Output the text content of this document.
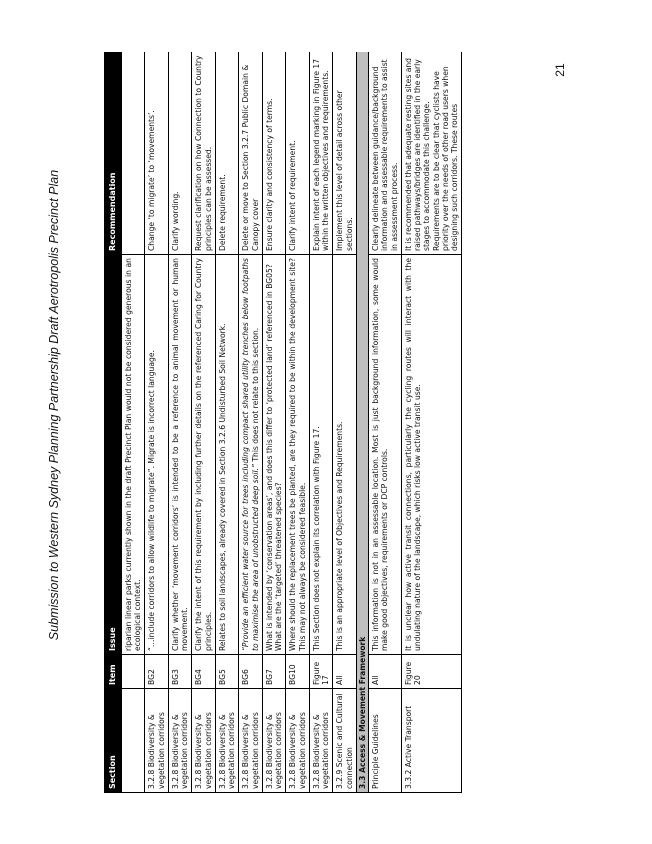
Submission to Western Sydney Planning Partnership Draft Aerotropolis Precinct Plan
21
Section	Item	Issue	Recommendation
		riparian linear parks currently shown in the draft Precinct Plan would not be considered generous in an ecological context.	
3.2.8 Biodiversity & vegetation corridors	BG2	“…include corridors to allow wildlife to migrate”. Migrate is incorrect language.	Change ‘to migrate’ to ‘movements’.
3.2.8 Biodiversity & vegetation corridors	BG3	Clarify whether ‘movement corridors’ is intended to be a reference to animal movement or human movement.	Clarify wording.
3.2.8 Biodiversity & vegetation corridors	BG4	Clarify the intent of this requirement by including further details on the referenced Caring for Country principles.	Request clarification on how Connection to Country principles can be assessed.
3.2.8 Biodiversity & vegetation corridors	BG5	Relates to soil landscapes, already covered in Section 3.2.6 Undisturbed Soil Network.	Delete requirement.
3.2.8 Biodiversity & vegetation corridors	BG6	“Provide an efficient water source for trees including compact shared utility trenches below footpaths to maximise the area of unobstructed deep soil.” This does not relate to this section.	Delete or move to Section 3.2.7 Public Domain & Canopy cover
3.2.8 Biodiversity & vegetation corridors	BG7	What is intended by ‘conservation areas’, and does this differ to ‘protected land’ referenced in BG05? What are the ‘targeted’ threatened species?	Ensure clarity and consistency of terms.
3.2.8 Biodiversity & vegetation corridors	BG10	Where should the replacement trees be planted, are they required to be within the development site? This may not always be considered feasible.	Clarify intent of requirement.
3.2.8 Biodiversity & vegetation corridors	Figure 17	This Section does not explain its correlation with Figure 17.	Explain intent of each legend marking in Figure 17 within the written objectives and requirements.
3.2.9 Scenic and Cultural connection	All	This is an appropriate level of Objectives and Requirements.	Implement this level of detail across other sections.
3.3 Access & Movement Framework			
Principle Guidelines	All	This information is not in an assessable location. Most is just background information, some would make good objectives, requirements or DCP controls.	Clearly delineate between guidance/background information and assessable requirements to assist in assessment process.
3.3.2 Active Transport	Figure 20	It is unclear how active transit connections, particularly the cycling routes will interact with the undulating nature of the landscape, which risks low active transit use.	It is recommended that adequate resting sites and raised pathways/bridges are identified in the early stages to accommodate this challenge. Requirements are to be clear that cyclists have priority over the needs of other road users when designing such corridors. These routes
